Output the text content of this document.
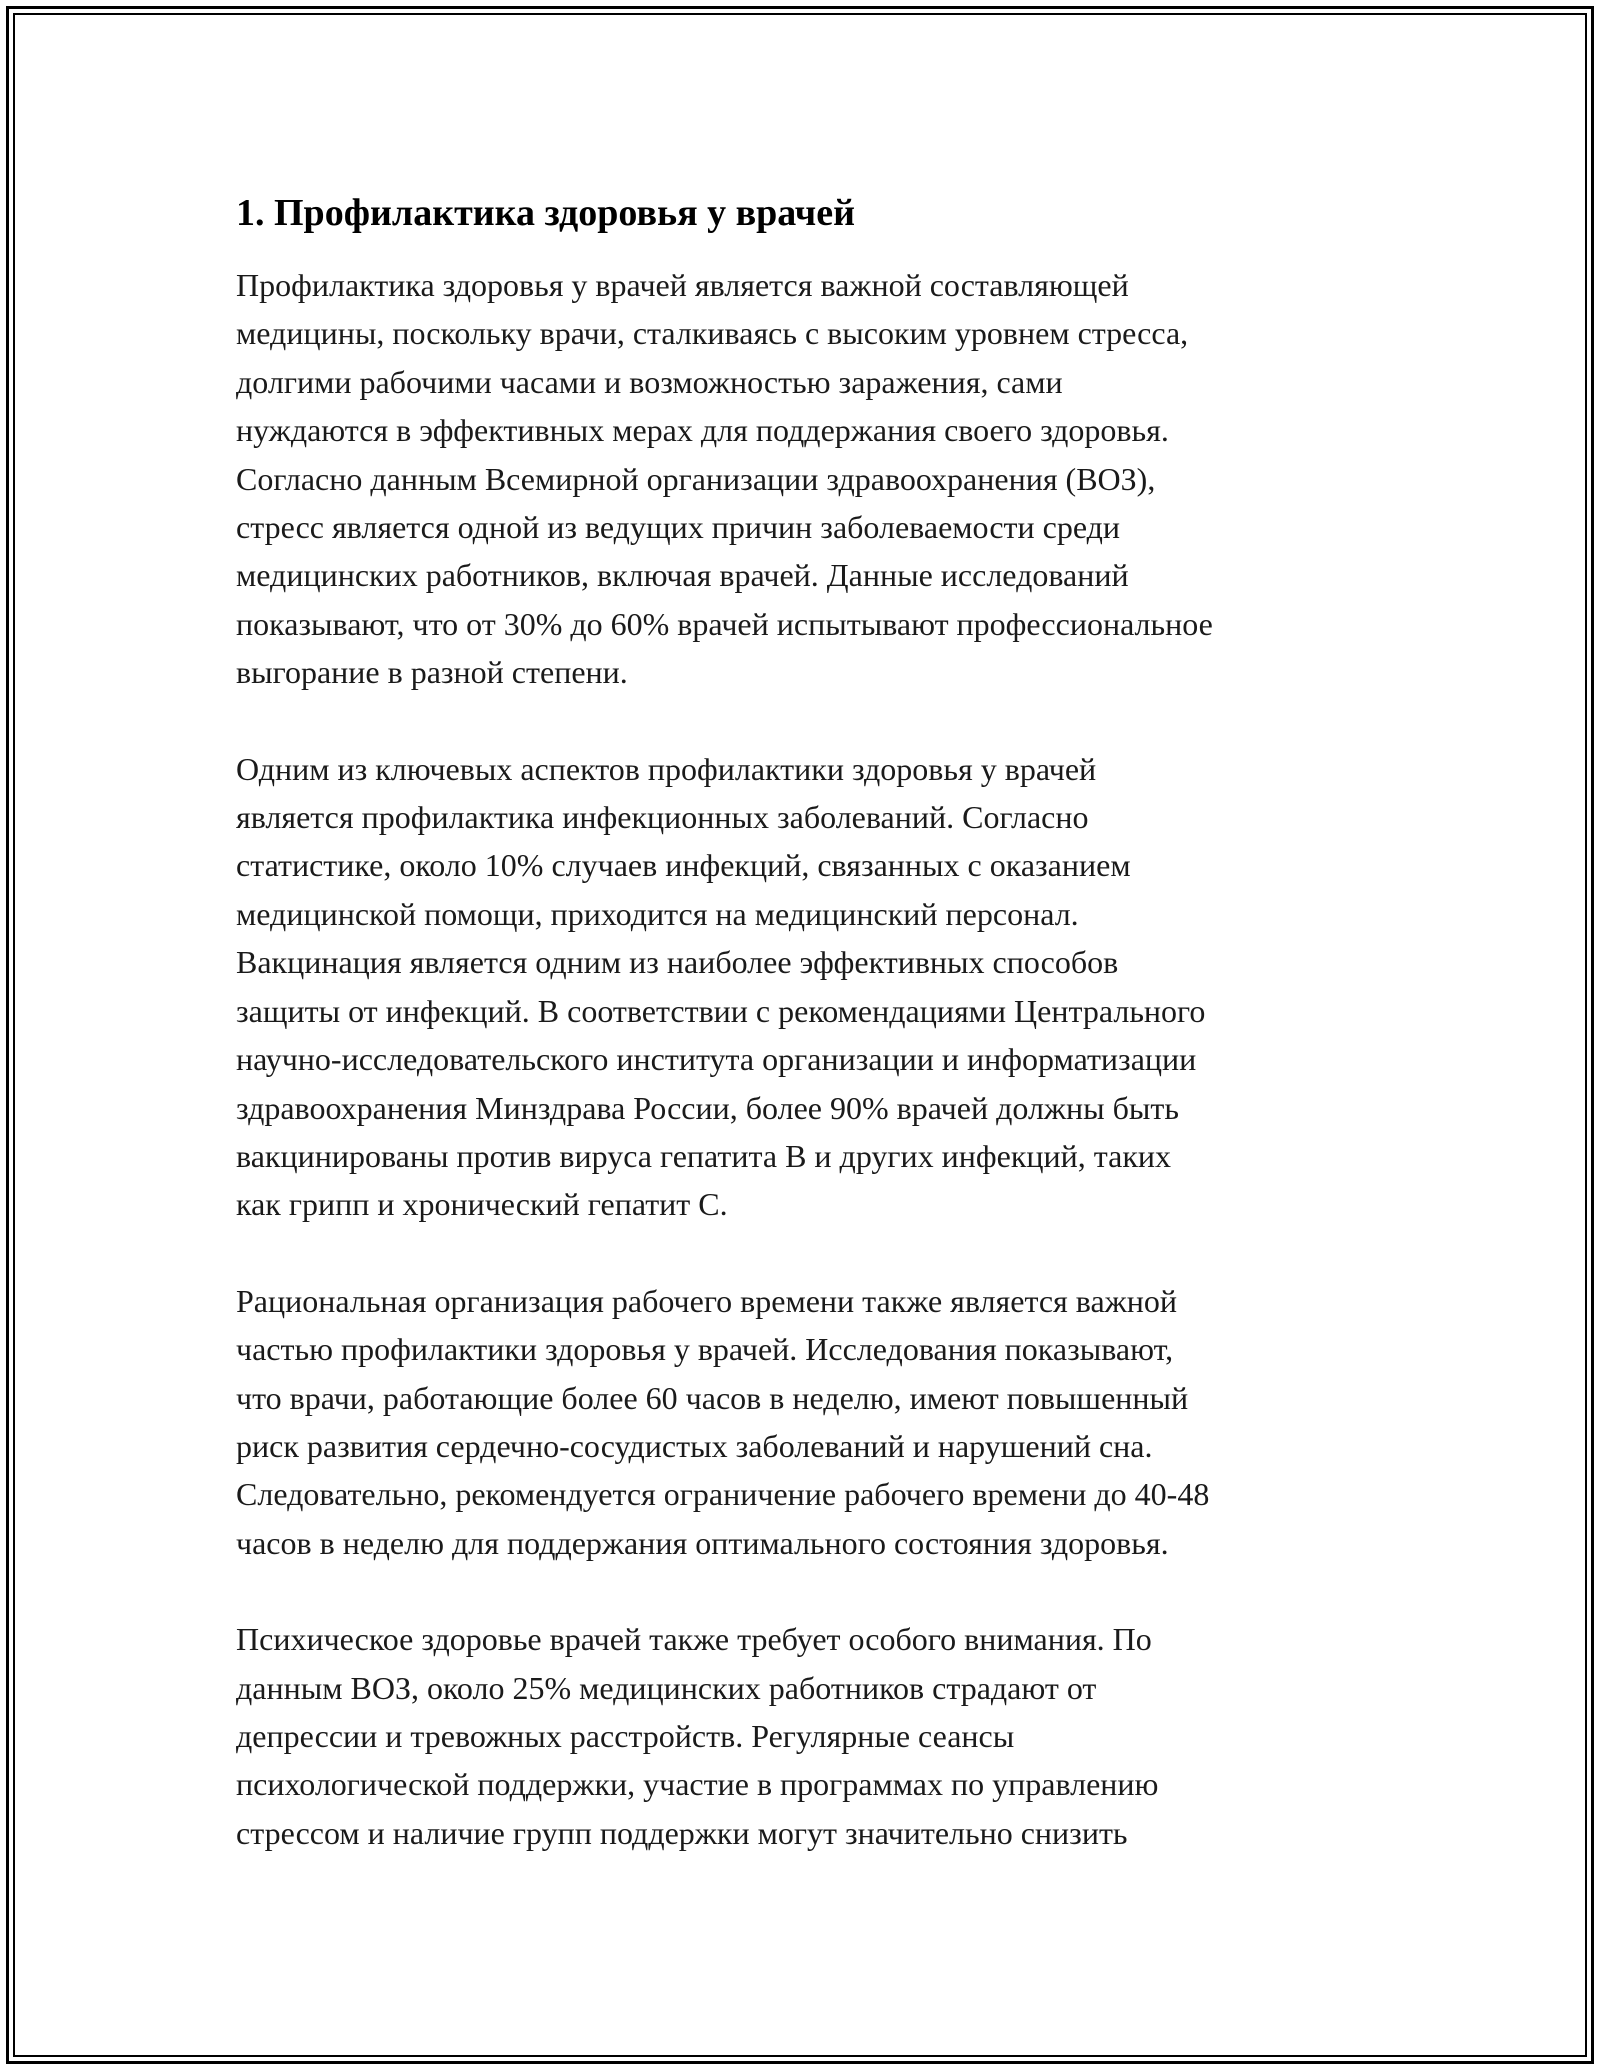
1. Профилактика здоровья у врачей

Профилактика здоровья у врачей является важной составляющей
медицины, поскольку врачи, сталкиваясь с высоким уровнем стресса,
долгими рабочими часами и возможностью заражения, сами
нуждаются в эффективных мерах для поддержания своего здоровья.
Согласно данным Всемирной организации здравоохранения (ВОЗ),
стресс является одной из ведущих причин заболеваемости среди
медицинских работников, включая врачей. Данные исследований
показывают, что от 30% до 60% врачей испытывают профессиональное
выгорание в разной степени.

Одним из ключевых аспектов профилактики здоровья у врачей
является профилактика инфекционных заболеваний. Согласно
статистике, около 10% случаев инфекций, связанных с оказанием
медицинской помощи, приходится на медицинский персонал.
Вакцинация является одним из наиболее эффективных способов
защиты от инфекций. В соответствии с рекомендациями Центрального
научно-исследовательского института организации и информатизации
здравоохранения Минздрава России, более 90% врачей должны быть
вакцинированы против вируса гепатита B и других инфекций, таких
как грипп и хронический гепатит C.

Рациональная организация рабочего времени также является важной
частью профилактики здоровья у врачей. Исследования показывают,
что врачи, работающие более 60 часов в неделю, имеют повышенный
риск развития сердечно-сосудистых заболеваний и нарушений сна.
Следовательно, рекомендуется ограничение рабочего времени до 40-48
часов в неделю для поддержания оптимального состояния здоровья.

Психическое здоровье врачей также требует особого внимания. По
данным ВОЗ, около 25% медицинских работников страдают от
депрессии и тревожных расстройств. Регулярные сеансы
психологической поддержки, участие в программах по управлению
стрессом и наличие групп поддержки могут значительно снизить
